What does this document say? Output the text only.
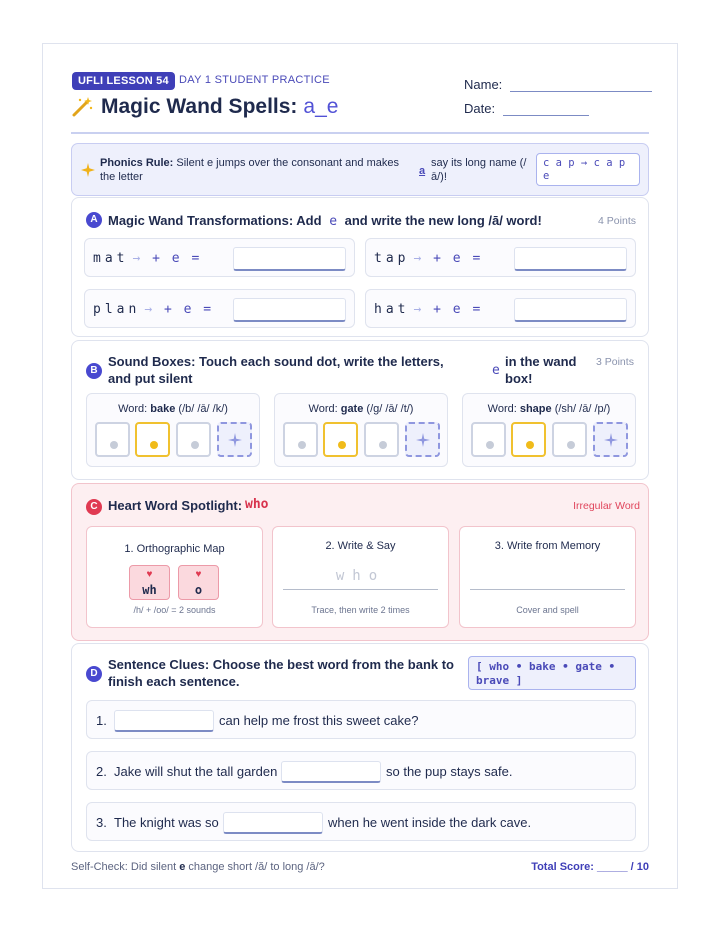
UFLI LESSON 54 DAY 1 STUDENT PRACTICE
Magic Wand Spells: a_e
Name:
Date:
Phonics Rule: Silent e jumps over the consonant and makes the letter	a
say its long name (/ā/)!
c a p → c a p e
A Magic Wand Transformations: Add e and write the new long /ā/ word!	4 Points
mat → + e =	tap → + e =
plan → + e =	hat → + e =
B
Sound Boxes: Touch each sound dot, write the letters, and put silent
e
in the wand box!
3 Points
Word: bake (/b/ /ā/ /k/)	Word: gate (/g/ /ā/ /t/)	Word: shape (/sh/ /ā/ /p/)
C Heart Word Spotlight: who	Irregular Word
1. Orthographic Map
♥
wh
♥
o
/h/ + /oo/ = 2 sounds
2. Write & Say
who
Trace, then write 2 times
3. Write from Memory
Cover and spell
D
Sentence Clues: Choose the best word from the bank to finish each sentence.
[ who • bake • gate • brave ]
1.	can help me frost this sweet cake?
2. Jake will shut the tall garden	so the pup stays safe.
3. The knight was so	when he went inside the dark cave.
Self-Check: Did silent e change short /ă/ to long /ā/?	Total Score: _____ / 10
